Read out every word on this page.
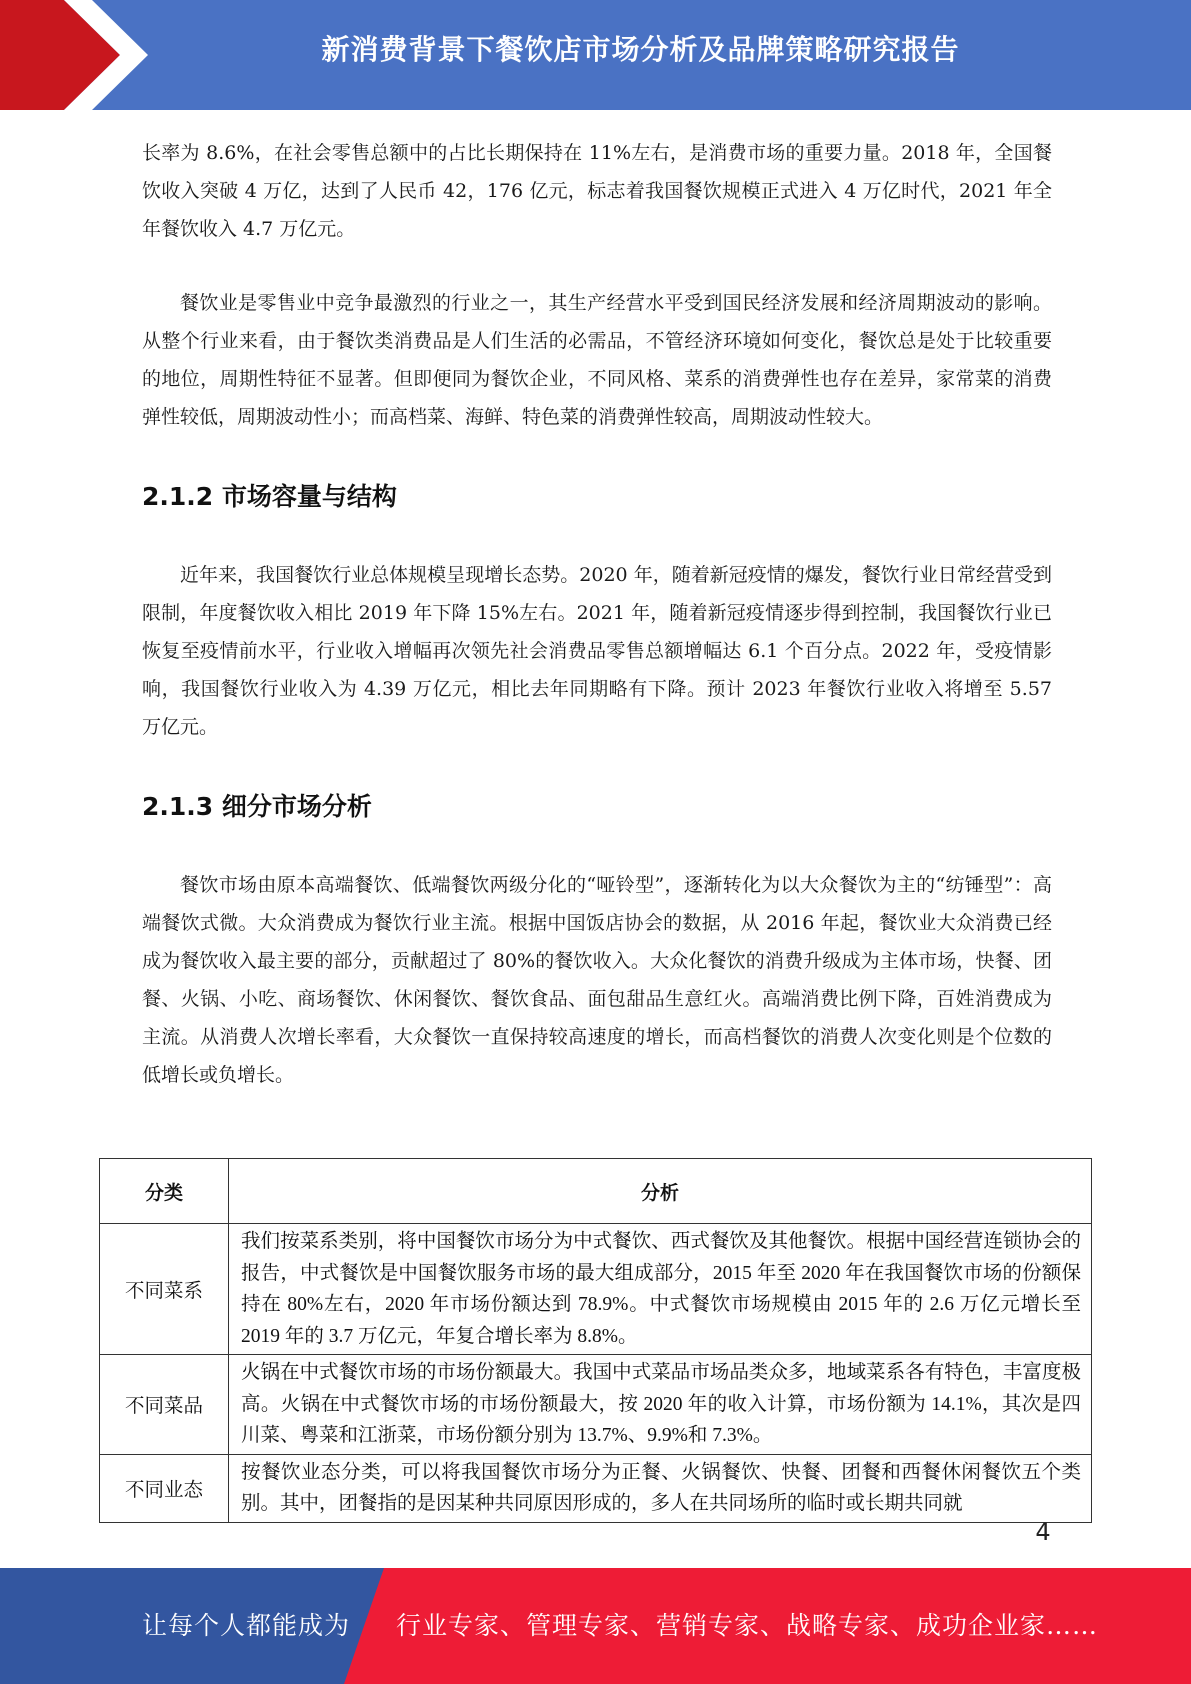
新消费背景下餐饮店市场分析及品牌策略研究报告

长率为 8.6%，在社会零售总额中的占比长期保持在 11%左右，是消费市场的重要力量。2018 年，全国餐饮收入突破 4 万亿，达到了人民币 42，176 亿元，标志着我国餐饮规模正式进入 4 万亿时代，2021 年全年餐饮收入 4.7 万亿元。

餐饮业是零售业中竞争最激烈的行业之一，其生产经营水平受到国民经济发展和经济周期波动的影响。从整个行业来看，由于餐饮类消费品是人们生活的必需品，不管经济环境如何变化，餐饮总是处于比较重要的地位，周期性特征不显著。但即便同为餐饮企业，不同风格、菜系的消费弹性也存在差异，家常菜的消费弹性较低，周期波动性小；而高档菜、海鲜、特色菜的消费弹性较高，周期波动性较大。

2.1.2 市场容量与结构

近年来，我国餐饮行业总体规模呈现增长态势。2020 年，随着新冠疫情的爆发，餐饮行业日常经营受到限制，年度餐饮收入相比 2019 年下降 15%左右。2021 年，随着新冠疫情逐步得到控制，我国餐饮行业已恢复至疫情前水平，行业收入增幅再次领先社会消费品零售总额增幅达 6.1 个百分点。2022 年，受疫情影响，我国餐饮行业收入为 4.39 万亿元，相比去年同期略有下降。预计 2023 年餐饮行业收入将增至 5.57 万亿元。

2.1.3 细分市场分析

餐饮市场由原本高端餐饮、低端餐饮两级分化的“哑铃型”，逐渐转化为以大众餐饮为主的“纺锤型”：高端餐饮式微。大众消费成为餐饮行业主流。根据中国饭店协会的数据，从 2016 年起，餐饮业大众消费已经成为餐饮收入最主要的部分，贡献超过了 80%的餐饮收入。大众化餐饮的消费升级成为主体市场，快餐、团餐、火锅、小吃、商场餐饮、休闲餐饮、餐饮食品、面包甜品生意红火。高端消费比例下降，百姓消费成为主流。从消费人次增长率看，大众餐饮一直保持较高速度的增长，而高档餐饮的消费人次变化则是个位数的低增长或负增长。

分类	分析
不同菜系	我们按菜系类别，将中国餐饮市场分为中式餐饮、西式餐饮及其他餐饮。根据中国经营连锁协会的报告，中式餐饮是中国餐饮服务市场的最大组成部分，2015 年至 2020 年在我国餐饮市场的份额保持在 80%左右，2020 年市场份额达到 78.9%。中式餐饮市场规模由 2015 年的 2.6 万亿元增长至 2019 年的 3.7 万亿元，年复合增长率为 8.8%。
不同菜品	火锅在中式餐饮市场的市场份额最大。我国中式菜品市场品类众多，地域菜系各有特色，丰富度极高。火锅在中式餐饮市场的市场份额最大，按 2020 年的收入计算，市场份额为 14.1%，其次是四川菜、粤菜和江浙菜，市场份额分别为 13.7%、9.9%和 7.3%。
不同业态	按餐饮业态分类，可以将我国餐饮市场分为正餐、火锅餐饮、快餐、团餐和西餐休闲餐饮五个类别。其中，团餐指的是因某种共同原因形成的，多人在共同场所的临时或长期共同就
4
让每个人都能成为 行业专家、管理专家、营销专家、战略专家、成功企业家……
